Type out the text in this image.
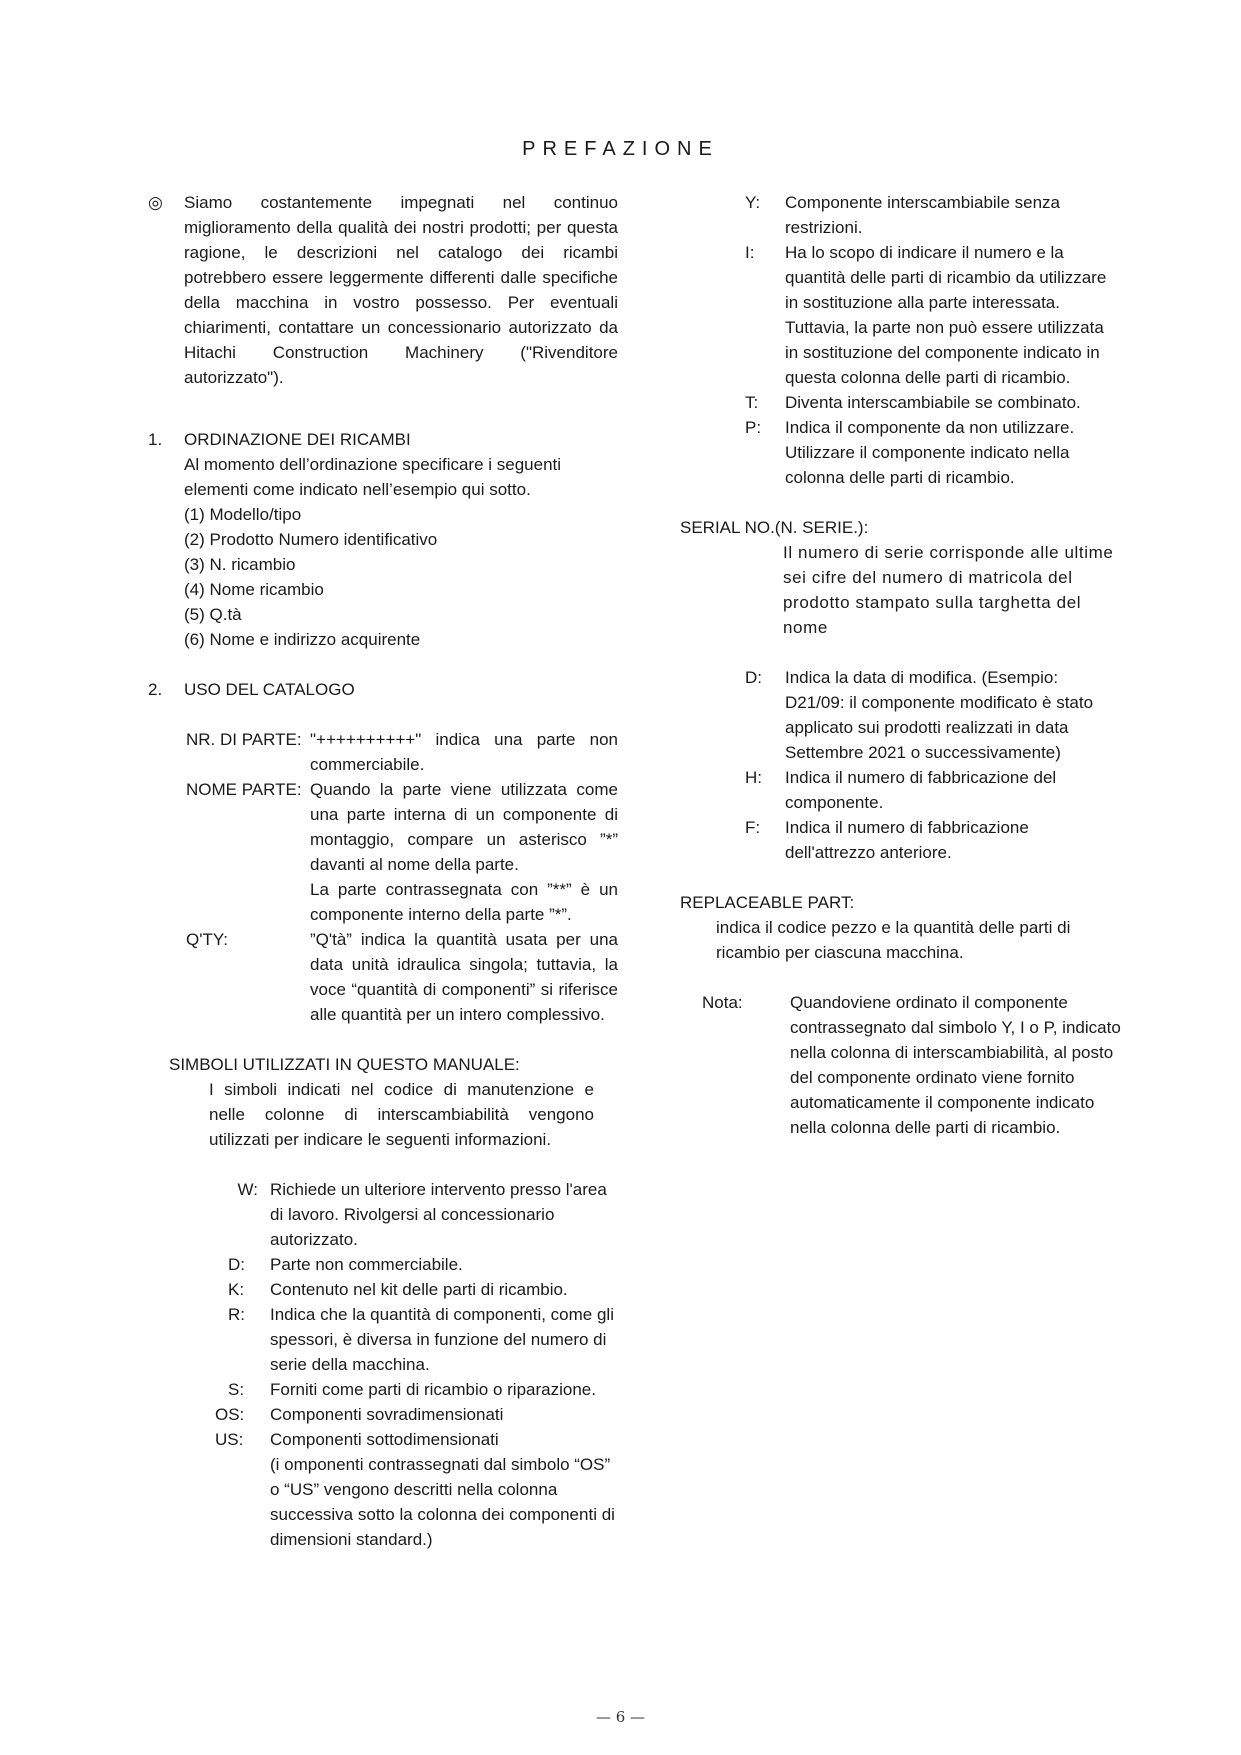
PREFAZIONE
◎ Siamo costantemente impegnati nel continuo miglioramento della qualità dei nostri prodotti; per questa ragione, le descrizioni nel catalogo dei ricambi potrebbero essere leggermente differenti dalle specifiche della macchina in vostro possesso. Per eventuali chiarimenti, contattare un concessionario autorizzato da Hitachi Construction Machinery ("Rivenditore autorizzato").
1. ORDINAZIONE DEI RICAMBI
Al momento dell’ordinazione specificare i seguenti elementi come indicato nell’esempio qui sotto.
(1) Modello/tipo
(2) Prodotto Numero identificativo
(3) N. ricambio
(4) Nome ricambio
(5) Q.tà
(6) Nome e indirizzo acquirente
2. USO DEL CATALOGO
NR. DI PARTE: "++++++++++" indica una parte non commerciabile.
NOME PARTE: Quando la parte viene utilizzata come una parte interna di un componente di montaggio, compare un asterisco ”*” davanti al nome della parte.
La parte contrassegnata con ”**” è un componente interno della parte ”*”.
Q'TY:	”Q'tà” indica la quantità usata per una data unità idraulica singola; tuttavia, la voce “quantità di componenti” si riferisce alle quantità per un intero complessivo.
SIMBOLI UTILIZZATI IN QUESTO MANUALE:
I simboli indicati nel codice di manutenzione e nelle colonne di interscambiabilità vengono utilizzati per indicare le seguenti informazioni.
W: Richiede un ulteriore intervento presso l'area di lavoro. Rivolgersi al concessionario autorizzato.
D:	Parte non commerciabile.
K:	Contenuto nel kit delle parti di ricambio.
R:	Indica che la quantità di componenti, come gli spessori, è diversa in funzione del numero di serie della macchina.
S:	Forniti come parti di ricambio o riparazione.
OS:	Componenti sovradimensionati
US:	Componenti sottodimensionati
(i omponenti contrassegnati dal simbolo “OS” o “US” vengono descritti nella colonna successiva sotto la colonna dei componenti di dimensioni standard.)
Y:	Componente interscambiabile senza restrizioni.
I:	Ha lo scopo di indicare il numero e la quantità delle parti di ricambio da utilizzare in sostituzione alla parte interessata.
Tuttavia, la parte non può essere utilizzata in sostituzione del componente indicato in questa colonna delle parti di ricambio.
T:	Diventa interscambiabile se combinato.
P:	Indica il componente da non utilizzare. Utilizzare il componente indicato nella colonna delle parti di ricambio.
SERIAL NO.(N. SERIE.):
Il numero di serie corrisponde alle ultime sei cifre del numero di matricola del prodotto stampato sulla targhetta del nome
D:	Indica la data di modifica. (Esempio: D21/09: il componente modificato è stato applicato sui prodotti realizzati in data Settembre 2021 o successivamente)
H:	Indica il numero di fabbricazione del componente.
F:	Indica il numero di fabbricazione dell'attrezzo anteriore.
REPLACEABLE PART:
indica il codice pezzo e la quantità delle parti di ricambio per ciascuna macchina.
Nota:	Quandoviene ordinato il componente contrassegnato dal simbolo Y, I o P, indicato nella colonna di interscambiabilità, al posto del componente ordinato viene fornito automaticamente il componente indicato nella colonna delle parti di ricambio.
— 6 —
